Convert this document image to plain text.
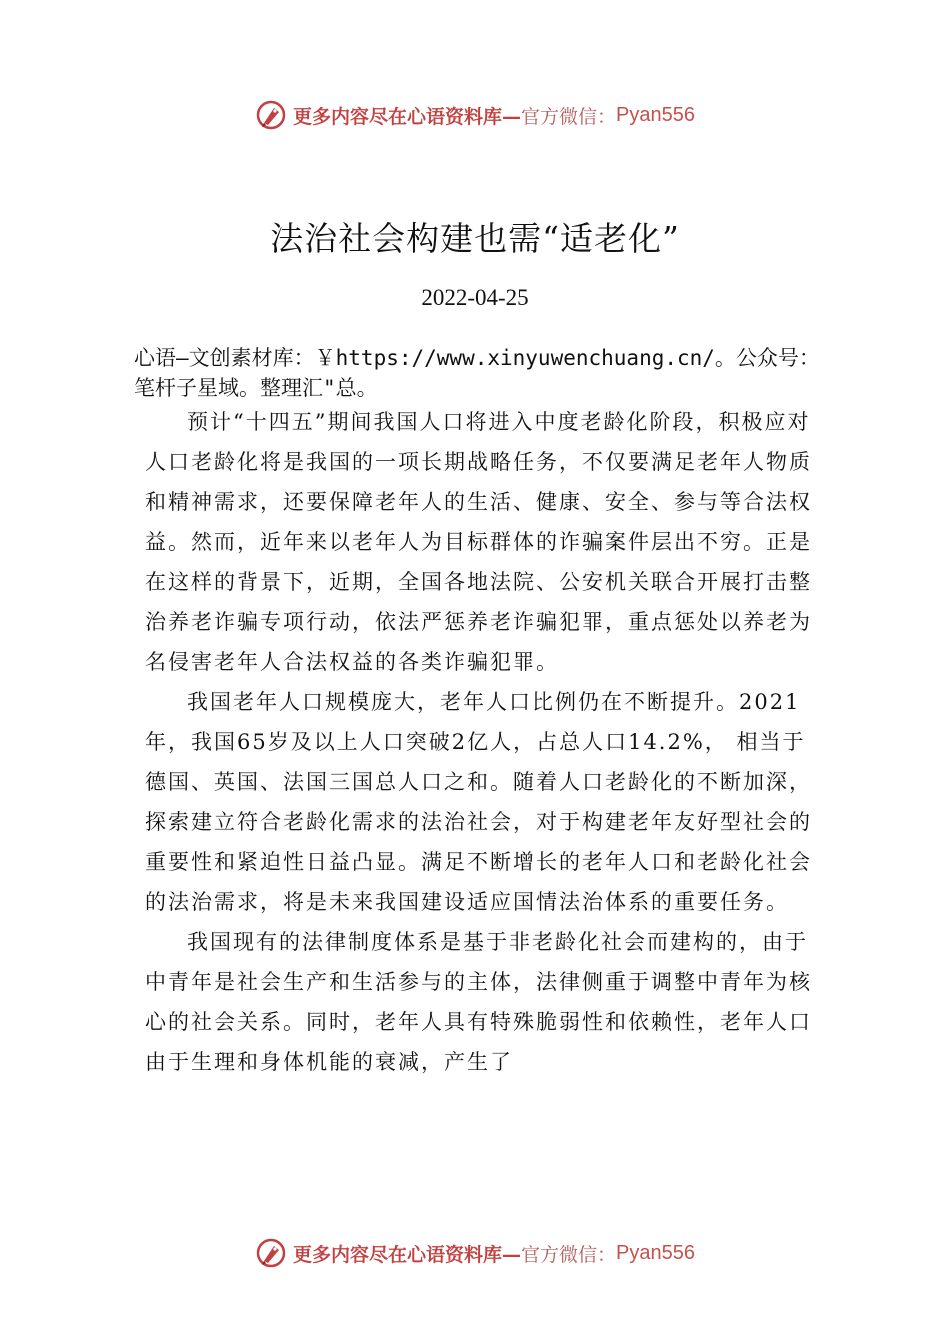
更多内容尽在心语资料库— 官方微信： Pyan556
法治社会构建也需“适老化”
2022-04-25
心语—文创素材库：￥https://www.xinyuwenchuang.cn/。公众号：笔杆子星域。整理汇"总。

预计“十四五”期间我国人口将进入中度老龄化阶段，积极应对人口老龄化将是我国的一项长期战略任务，不仅要满足老年人物质和精神需求，还要保障老年人的生活、健康、安全、参与等合法权益。然而，近年来以老年人为目标群体的诈骗案件层出不穷。正是在这样的背景下，近期，全国各地法院、公安机关联合开展打击整治养老诈骗专项行动，依法严惩养老诈骗犯罪，重点惩处以养老为名侵害老年人合法权益的各类诈骗犯罪。

我国老年人口规模庞大，老年人口比例仍在不断提升。2021年，我国65岁及以上人口突破2亿人，占总人口14.2%， 相当于德国、英国、法国三国总人口之和。随着人口老龄化的不断加深，探索建立符合老龄化需求的法治社会，对于构建老年友好型社会的重要性和紧迫性日益凸显。满足不断增长的老年人口和老龄化社会的法治需求，将是未来我国建设适应国情法治体系的重要任务。

我国现有的法律制度体系是基于非老龄化社会而建构的，由于中青年是社会生产和生活参与的主体，法律侧重于调整中青年为核心的社会关系。同时，老年人具有特殊脆弱性和依赖性，老年人口由于生理和身体机能的衰减，产生了

更多内容尽在心语资料库— 官方微信： Pyan556
